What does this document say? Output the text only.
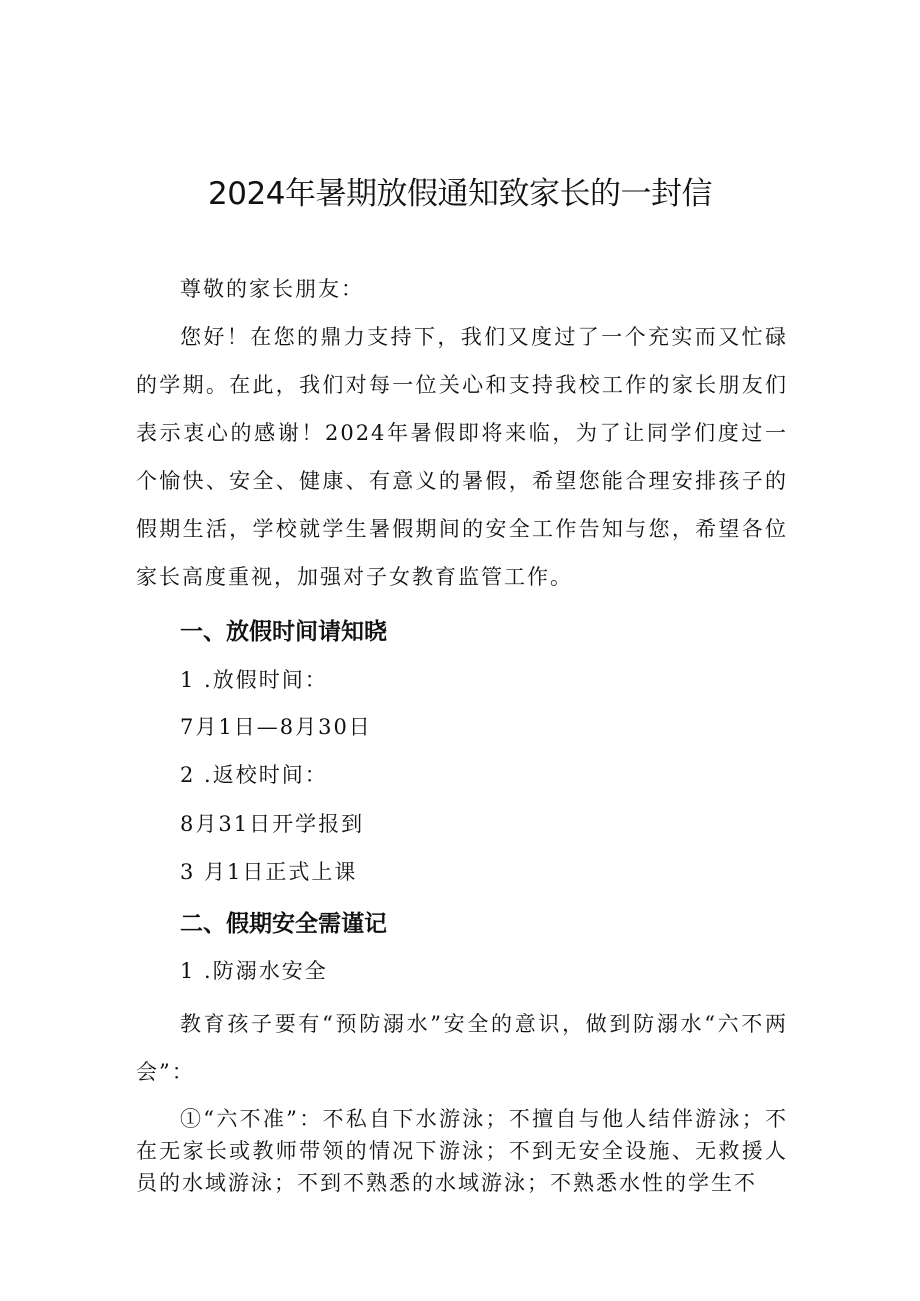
2024年暑期放假通知致家长的一封信

尊敬的家长朋友：

您好！在您的鼎力支持下，我们又度过了一个充实而又忙碌的学期。在此，我们对每一位关心和支持我校工作的家长朋友们表示衷心的感谢！2024年暑假即将来临，为了让同学们度过一个愉快、安全、健康、有意义的暑假，希望您能合理安排孩子的假期生活，学校就学生暑假期间的安全工作告知与您，希望各位家长高度重视，加强对子女教育监管工作。

一、放假时间请知晓

1 .放假时间：

7月1日—8月30日

2 .返校时间：

8月31日开学报到

3 月1日正式上课

二、假期安全需谨记

1 .防溺水安全

教育孩子要有“预防溺水”安全的意识，做到防溺水“六不两会”：

①“六不准”：不私自下水游泳；不擅自与他人结伴游泳；不在无家长或教师带领的情况下游泳；不到无安全设施、无救援人员的水域游泳；不到不熟悉的水域游泳；不熟悉水性的学生不
